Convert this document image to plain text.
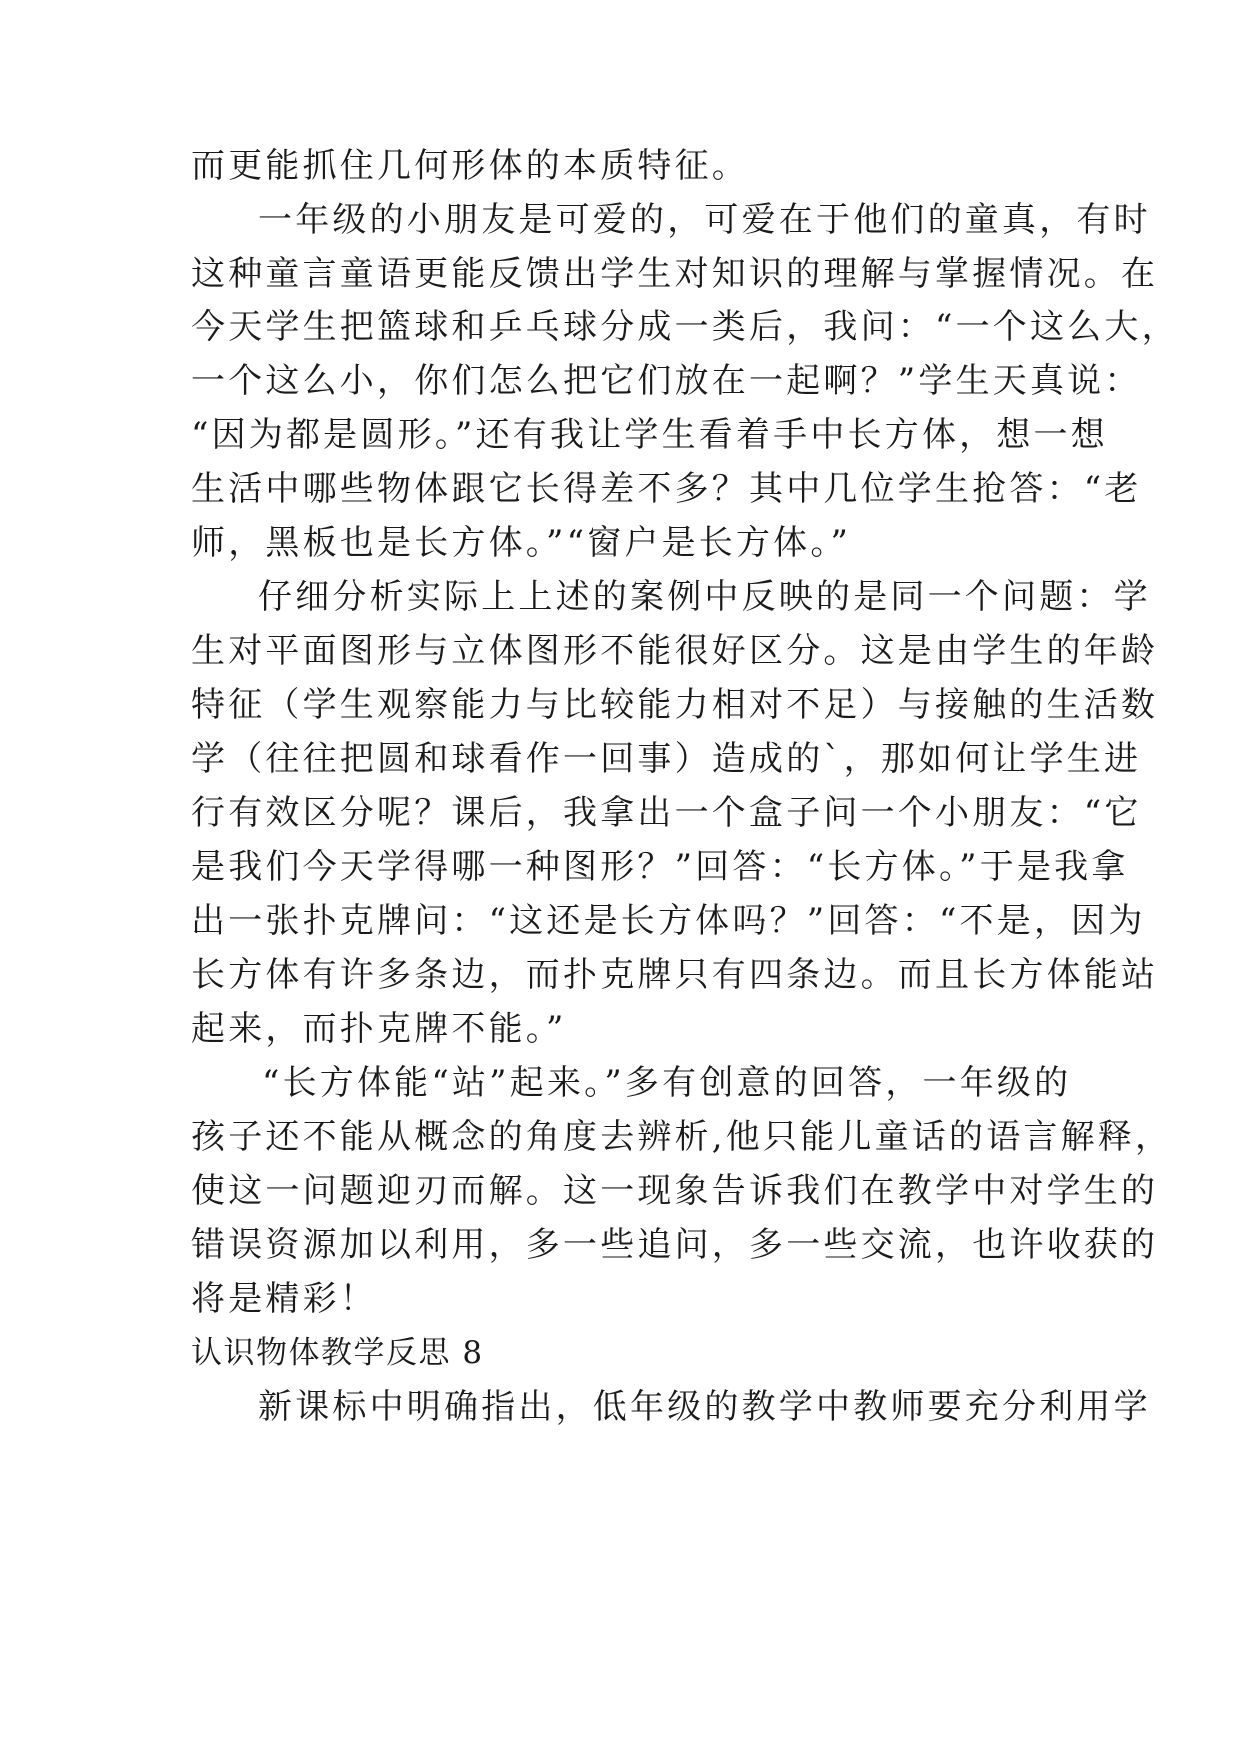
而更能抓住几何形体的本质特征。
一年级的小朋友是可爱的，可爱在于他们的童真，有时
这种童言童语更能反馈出学生对知识的理解与掌握情况。在
今天学生把篮球和乒乓球分成一类后，我问：“一个这么大，
一个这么小，你们怎么把它们放在一起啊？”学生天真说：
“因为都是圆形。”还有我让学生看着手中长方体，想一想
生活中哪些物体跟它长得差不多？其中几位学生抢答：“老
师，黑板也是长方体。”“窗户是长方体。”
仔细分析实际上上述的案例中反映的是同一个问题：学
生对平面图形与立体图形不能很好区分。这是由学生的年龄
特征（学生观察能力与比较能力相对不足）与接触的生活数
学（往往把圆和球看作一回事）造成的`，那如何让学生进
行有效区分呢？课后，我拿出一个盒子问一个小朋友：“它
是我们今天学得哪一种图形？”回答：“长方体。”于是我拿
出一张扑克牌问：“这还是长方体吗？”回答：“不是，因为
长方体有许多条边，而扑克牌只有四条边。而且长方体能站
起来，而扑克牌不能。”
“长方体能“站”起来。”多有创意的回答，一年级的
孩子还不能从概念的角度去辨析,他只能儿童话的语言解释，
使这一问题迎刃而解。这一现象告诉我们在教学中对学生的
错误资源加以利用，多一些追问，多一些交流，也许收获的
将是精彩！
认识物体教学反思 8
新课标中明确指出，低年级的教学中教师要充分利用学
